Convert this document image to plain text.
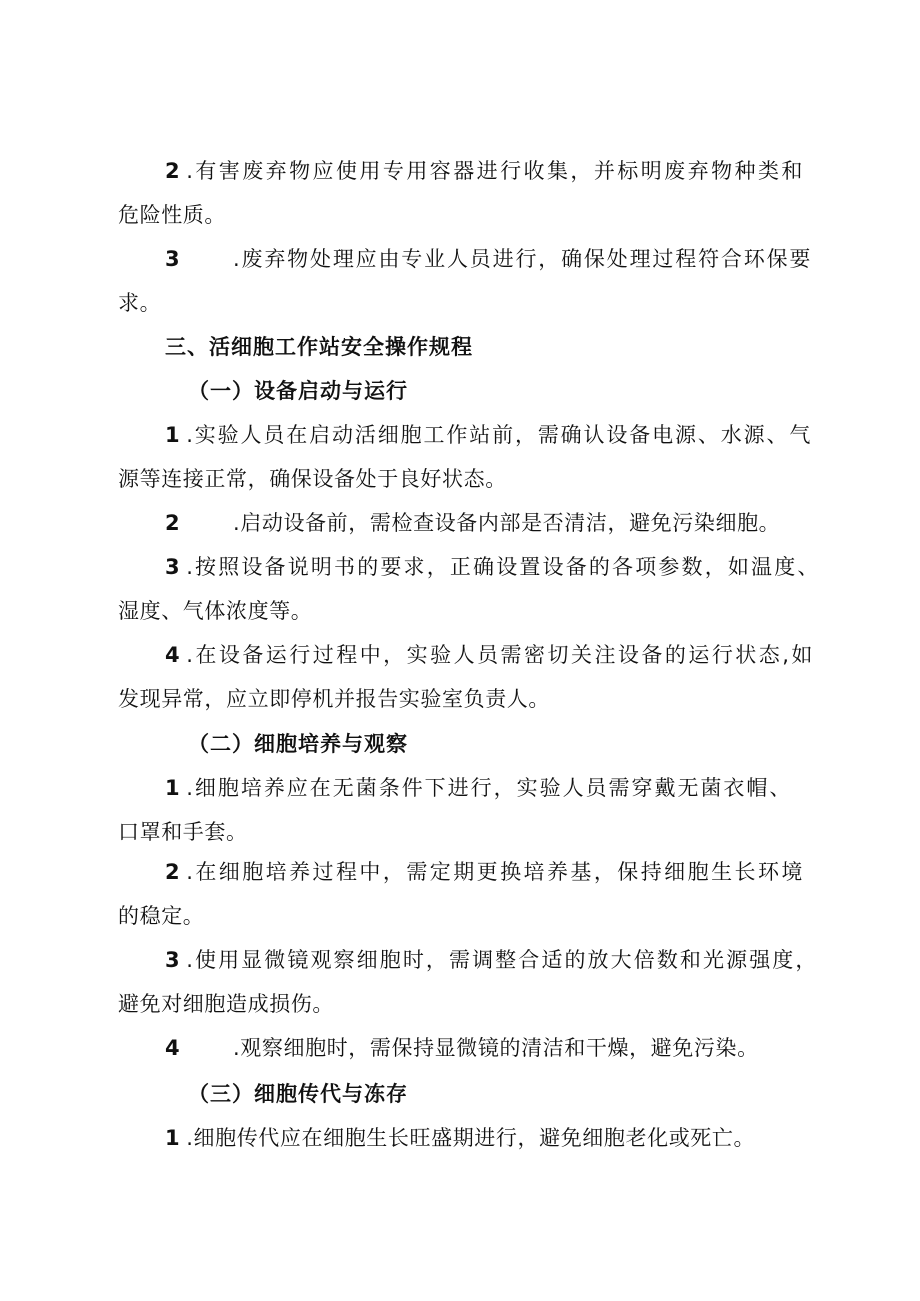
2 .有害废弃物应使用专用容器进行收集，并标明废弃物种类和
危险性质。
3	.废弃物处理应由专业人员进行，确保处理过程符合环保要
求。
三、活细胞工作站安全操作规程
（一）设备启动与运行
1 .实验人员在启动活细胞工作站前，需确认设备电源、水源、气
源等连接正常，确保设备处于良好状态。
2	.启动设备前，需检查设备内部是否清洁，避免污染细胞。
3 .按照设备说明书的要求，正确设置设备的各项参数，如温度、
湿度、气体浓度等。
4 .在设备运行过程中，实验人员需密切关注设备的运行状态,如
发现异常，应立即停机并报告实验室负责人。
（二）细胞培养与观察
1 .细胞培养应在无菌条件下进行，实验人员需穿戴无菌衣帽、
口罩和手套。
2 .在细胞培养过程中，需定期更换培养基，保持细胞生长环境
的稳定。
3 .使用显微镜观察细胞时，需调整合适的放大倍数和光源强度，
避免对细胞造成损伤。
4	.观察细胞时，需保持显微镜的清洁和干燥，避免污染。
（三）细胞传代与冻存
1 .细胞传代应在细胞生长旺盛期进行，避免细胞老化或死亡。
